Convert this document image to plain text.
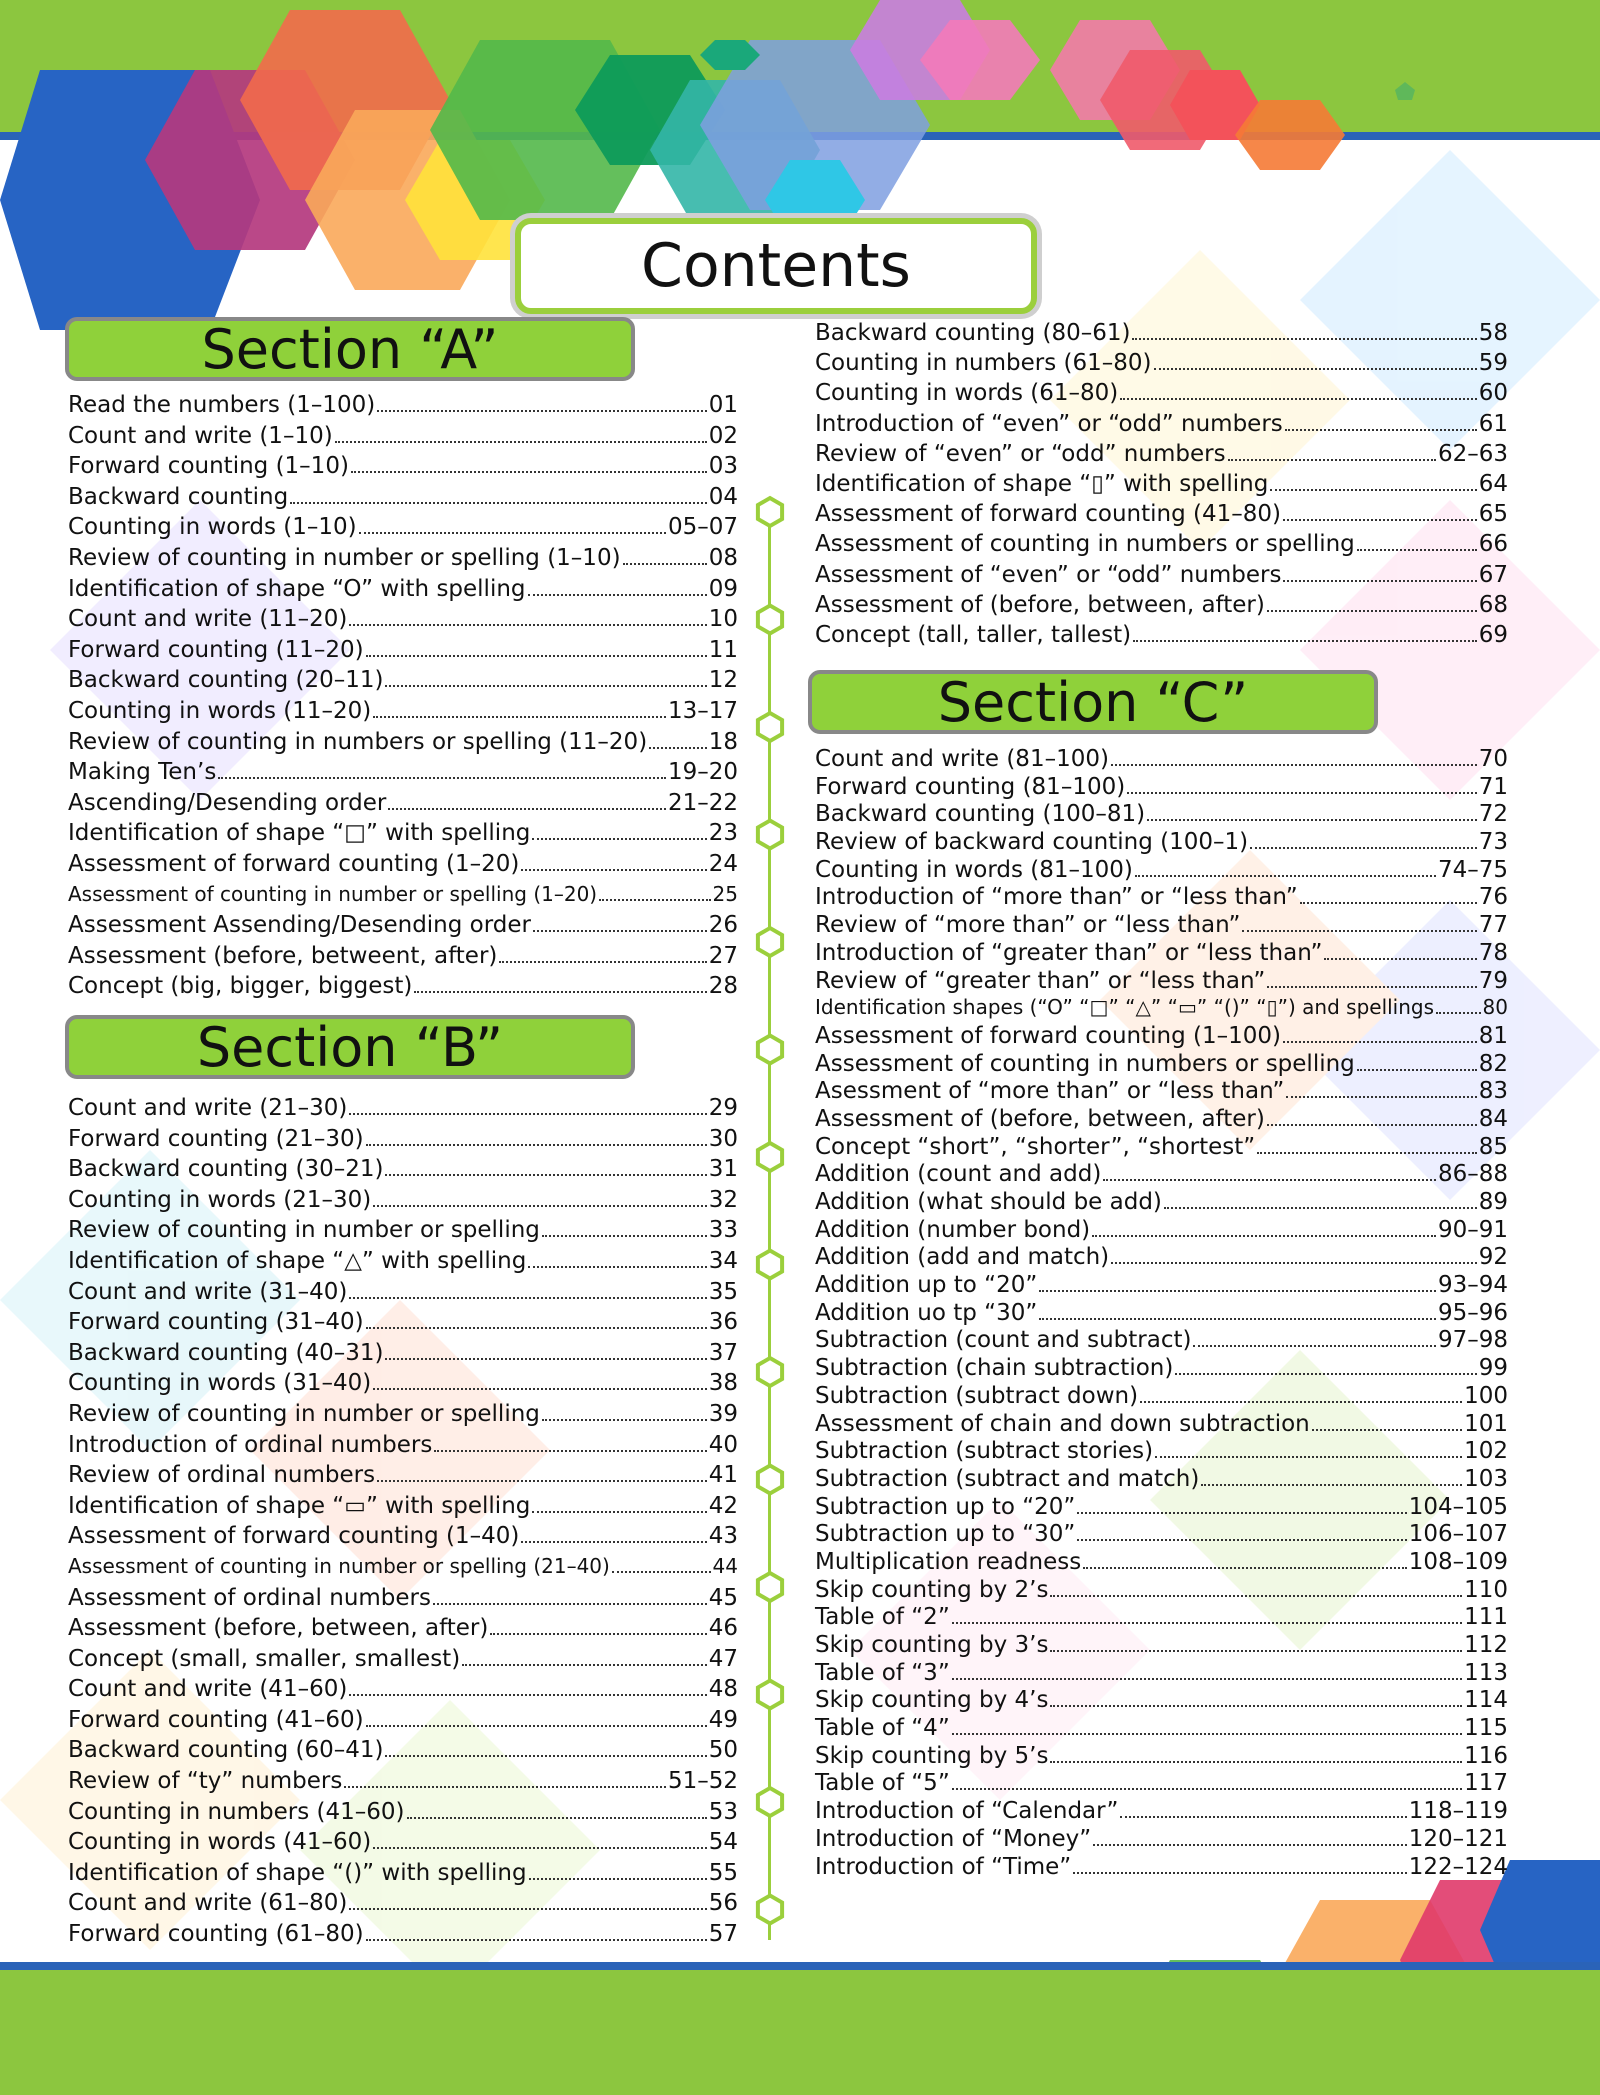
Contents
Section “A”
Section “B”
Section “C”
Read the numbers (1–100)	01
Count and write (1–10)	02
Forward counting (1–10)	03
Backward counting	04
Counting in words (1–10)	05–07
Review of counting in number or spelling (1–10)	08
Identification of shape “O” with spelling	09
Count and write (11–20)	10
Forward counting (11–20)	11
Backward counting (20–11)	12
Counting in words (11–20)	13–17
Review of counting in numbers or spelling (11–20)	18
Making Ten’s	19–20
Ascending/Desending order	21–22
Identification of shape “□” with spelling	23
Assessment of forward counting (1–20)	24
Assessment of counting in number or spelling (1–20)	25
Assessment Assending/Desending order	26
Assessment (before, betweent, after)	27
Concept (big, bigger, biggest)	28
Count and write (21–30)	29
Forward counting (21–30)	30
Backward counting (30–21)	31
Counting in words (21–30)	32
Review of counting in number or spelling	33
Identification of shape “△” with spelling	34
Count and write (31–40)	35
Forward counting (31–40)	36
Backward counting (40–31)	37
Counting in words (31–40)	38
Review of counting in number or spelling	39
Introduction of ordinal numbers	40
Review of ordinal numbers	41
Identification of shape “▭” with spelling	42
Assessment of forward counting (1–40)	43
Assessment of counting in number or spelling (21–40)	44
Assessment of ordinal numbers	45
Assessment (before, between, after)	46
Concept (small, smaller, smallest)	47
Count and write (41–60)	48
Forward counting (41–60)	49
Backward counting (60–41)	50
Review of “ty” numbers	51–52
Counting in numbers (41–60)	53
Counting in words (41–60)	54
Identification of shape “()” with spelling	55
Count and write (61–80)	56
Forward counting (61–80)	57
Backward counting (80–61)	58
Counting in numbers (61–80)	59
Counting in words (61–80)	60
Introduction of “even” or “odd” numbers	61
Review of “even” or “odd” numbers	62–63
Identification of shape “▯” with spelling	64
Assessment of forward counting (41–80)	65
Assessment of counting in numbers or spelling	66
Assessment of “even” or “odd” numbers	67
Assessment of (before, between, after)	68
Concept (tall, taller, tallest)	69
Count and write (81–100)	70
Forward counting (81–100)	71
Backward counting (100–81)	72
Review of backward counting (100–1)	73
Counting in words (81–100)	74–75
Introduction of “more than” or “less than”	76
Review of “more than” or “less than”	77
Introduction of “greater than” or “less than”	78
Review of “greater than” or “less than”	79
Identification shapes (“O” “□” “△” “▭” “()” “▯”) and spellings 80
Assessment of forward counting (1–100)	81
Assessment of counting in numbers or spelling	82
Asessment of “more than” or “less than”	83
Assessment of (before, between, after)	84
Concept “short”, “shorter”, “shortest”	85
Addition (count and add)	86–88
Addition (what should be add)	89
Addition (number bond)	90–91
Addition (add and match)	92
Addition up to “20”	93–94
Addition uo tp “30”	95–96
Subtraction (count and subtract)	97–98
Subtraction (chain subtraction)	99
Subtraction (subtract down)	100
Assessment of chain and down subtraction	101
Subtraction (subtract stories)	102
Subtraction (subtract and match)	103
Subtraction up to “20”	104–105
Subtraction up to “30”	106–107
Multiplication readness	108–109
Skip counting by 2’s	110
Table of “2”	111
Skip counting by 3’s	112
Table of “3”	113
Skip counting by 4’s	114
Table of “4”	115
Skip counting by 5’s	116
Table of “5”	117
Introduction of “Calendar”	118–119
Introduction of “Money”	120–121
Introduction of “Time”	122–124
